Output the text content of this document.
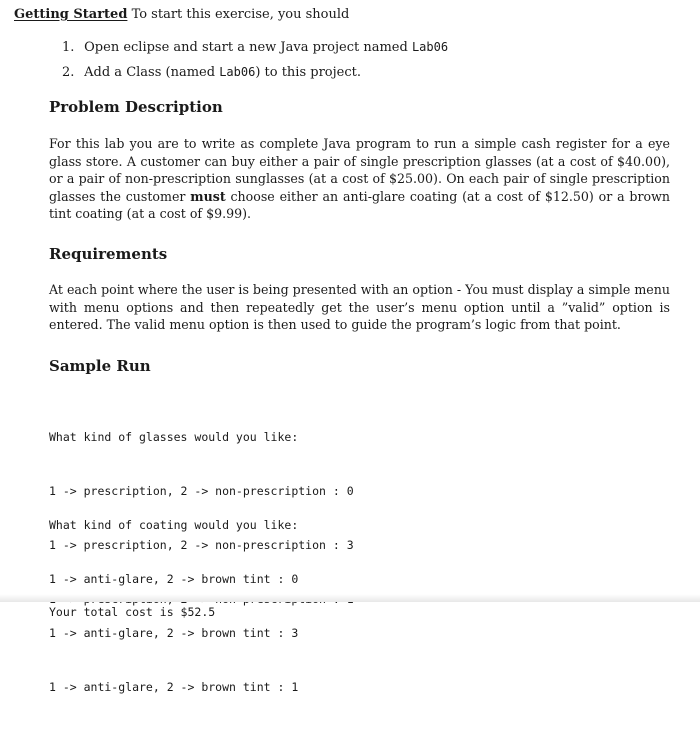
Getting Started To start this exercise, you should
1. Open eclipse and start a new Java project named Lab06
2. Add a Class (named Lab06) to this project.
Problem Description

For this lab you are to write as complete Java program to run a simple cash register for a eye glass store. A customer can buy either a pair of single prescription glasses (at a cost of $40.00), or a pair of non-prescription sunglasses (at a cost of $25.00). On each pair of single prescription glasses the customer must choose either an anti-glare coating (at a cost of $12.50) or a brown tint coating (at a cost of $9.99).

Requirements

At each point where the user is being presented with an option - You must display a simple menu with menu options and then repeatedly get the user’s menu option until a ”valid” option is entered. The valid menu option is then used to guide the program’s logic from that point.

Sample Run

What kind of glasses would you like:

1 -> prescription, 2 -> non-prescription : 0

1 -> prescription, 2 -> non-prescription : 3

What kind of coating would you like:

1 -> anti-glare, 2 -> brown tint : 0

1 -> anti-glare, 2 -> brown tint : 3

1 -> anti-glare, 2 -> brown tint : 1

Your total cost is $52.5
